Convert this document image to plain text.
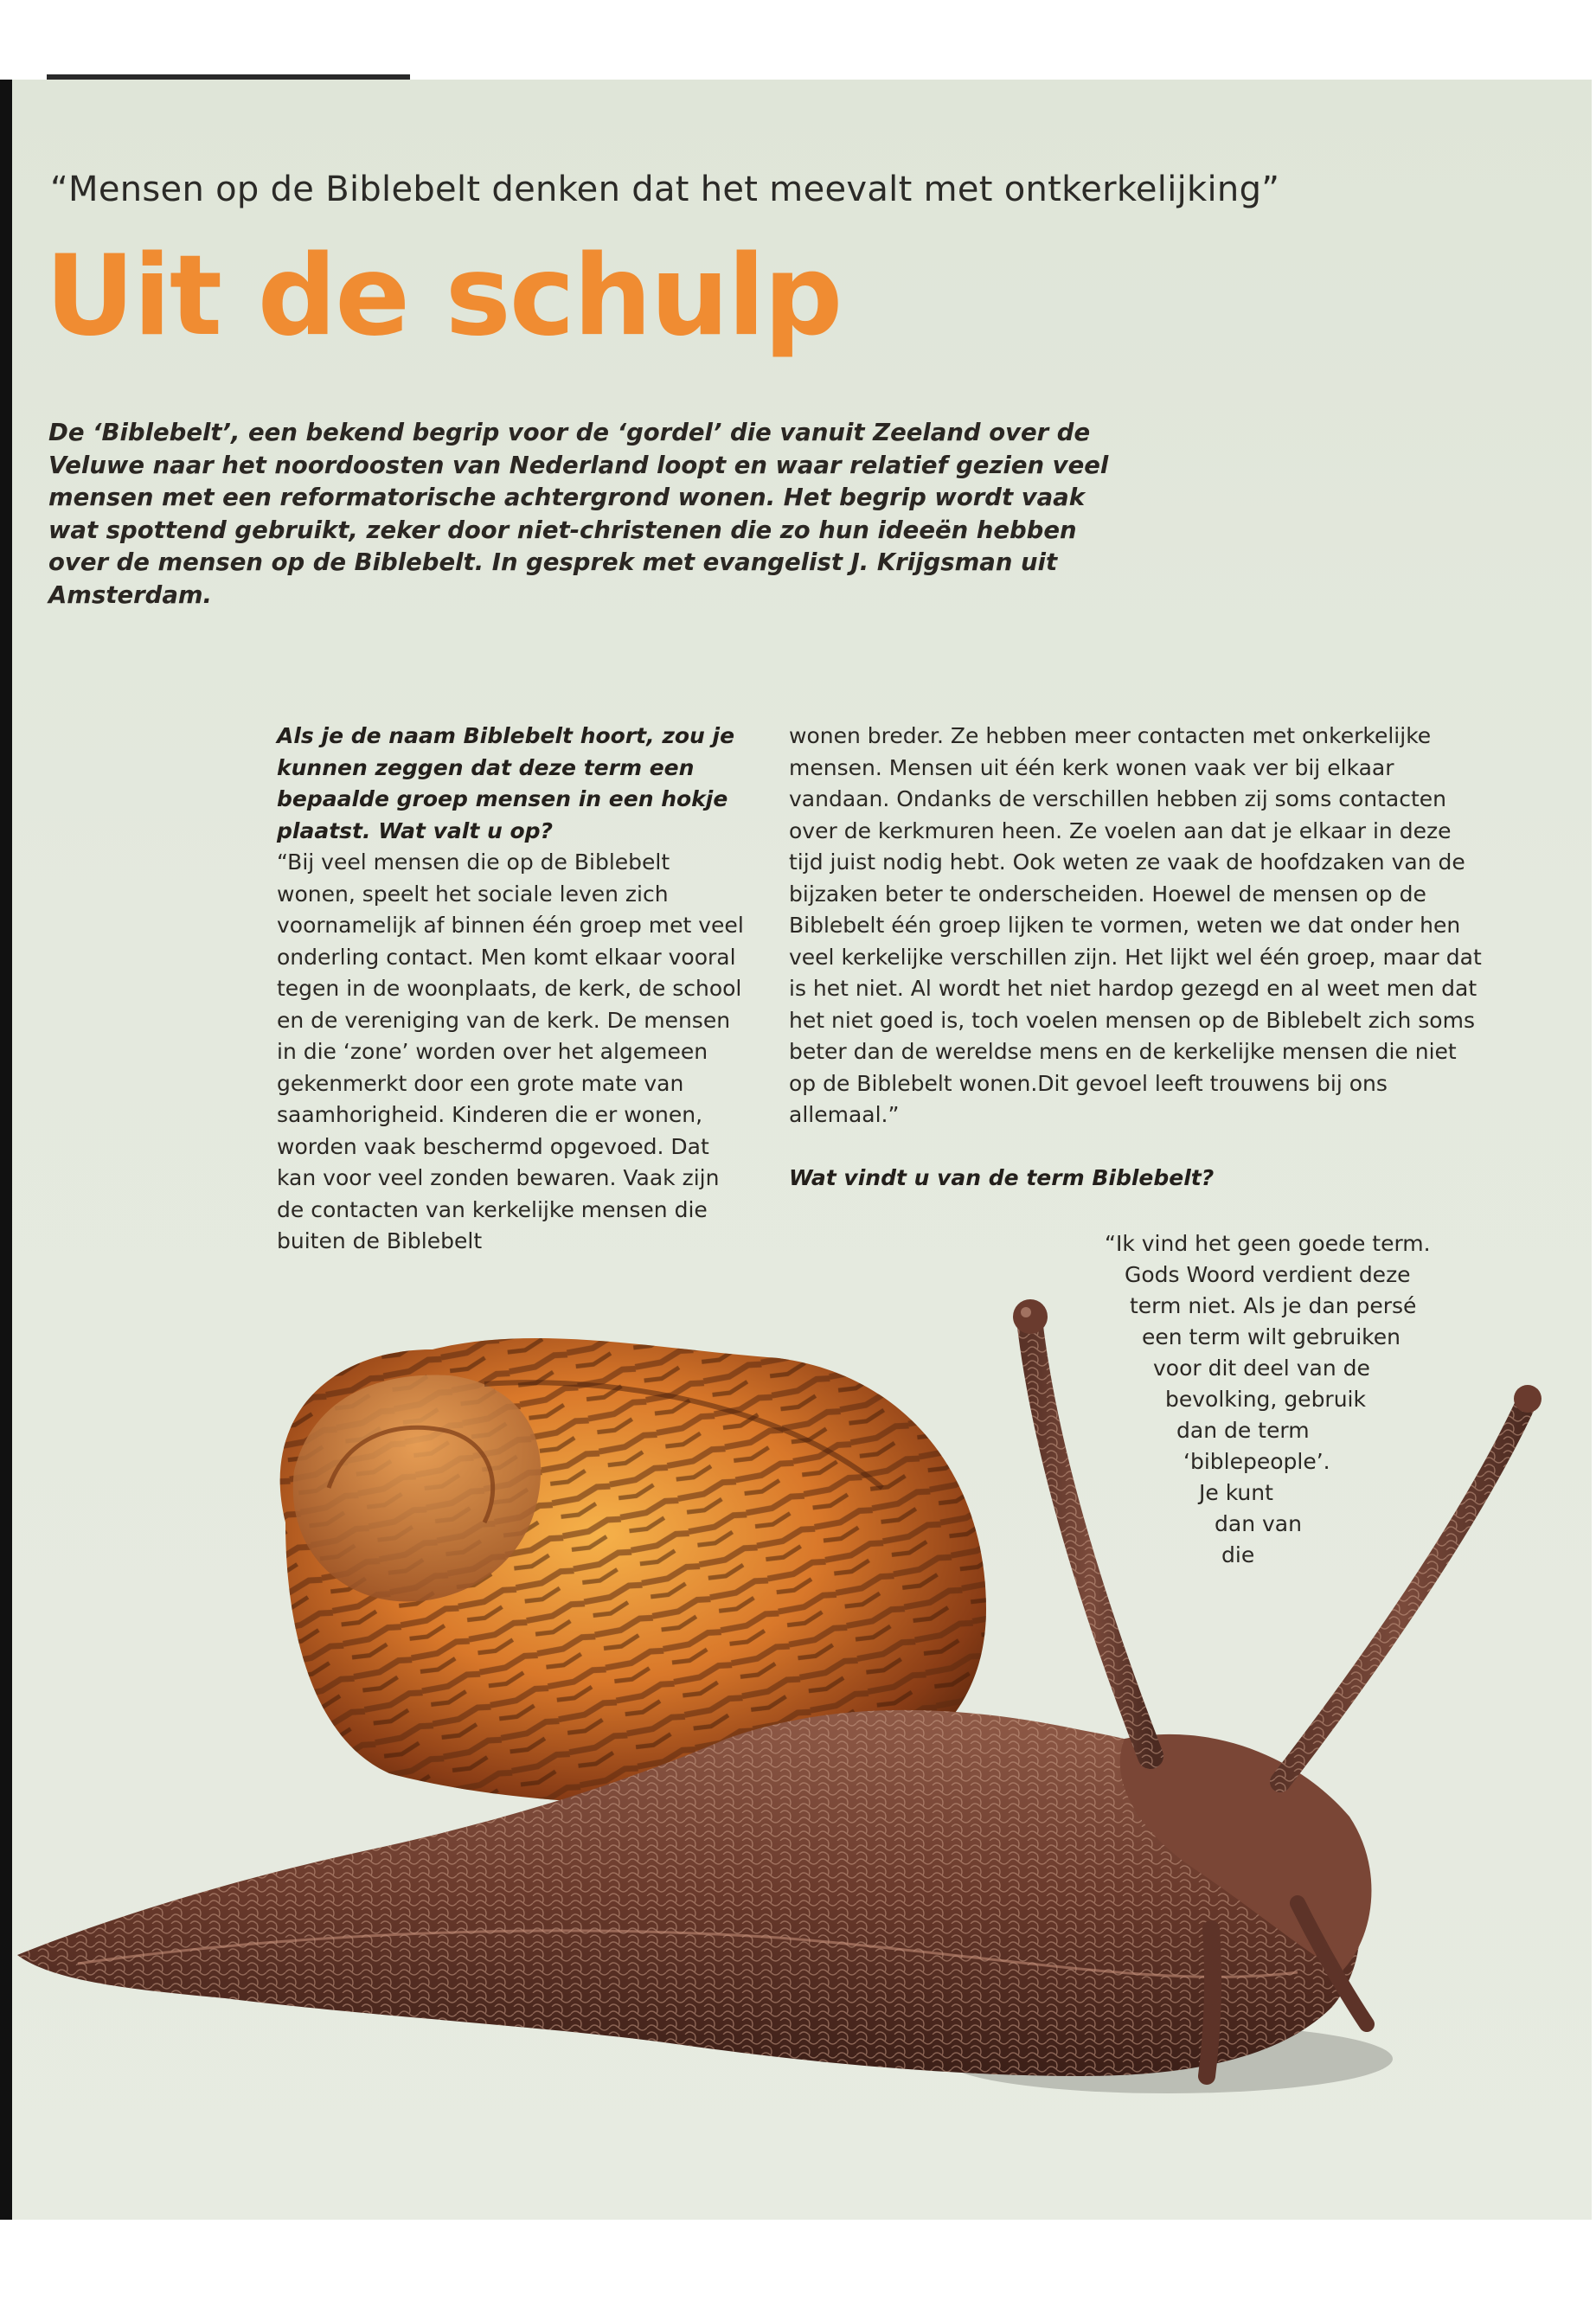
“Mensen op de Biblebelt denken dat het meevalt met ontkerkelijking”
Uit de schulp
De ‘Biblebelt’, een bekend begrip voor de ‘gordel’ die vanuit Zeeland over de Veluwe naar het noordoosten van Nederland loopt en waar relatief gezien veel mensen met een reformatorische achtergrond wonen. Het begrip wordt vaak wat spottend gebruikt, zeker door niet-christenen die zo hun ideeën hebben over de mensen op de Biblebelt. In gesprek met evangelist J. Krijgsman uit Amsterdam.

Als je de naam Biblebelt hoort, zou je kunnen zeggen dat deze term een bepaalde groep mensen in een hokje plaatst. Wat valt u op?

“Bij veel mensen die op de Biblebelt wonen, speelt het sociale leven zich voornamelijk af binnen één groep met veel onderling contact. Men komt elkaar vooral tegen in de woonplaats, de kerk, de school en de vereniging van de kerk. De mensen in die ‘zone’ worden over het algemeen gekenmerkt door een grote mate van saamhorigheid. Kinderen die er wonen, worden vaak beschermd opgevoed. Dat kan voor veel zonden bewaren. Vaak zijn de contacten van kerkelijke mensen die buiten de Biblebelt

wonen breder. Ze hebben meer contacten met onkerkelijke mensen. Mensen uit één kerk wonen vaak ver bij elkaar vandaan. Ondanks de verschillen hebben zij soms contacten over de kerkmuren heen. Ze voelen aan dat je elkaar in deze tijd juist nodig hebt. Ook weten ze vaak de hoofdzaken van de bijzaken beter te onderscheiden. Hoewel de mensen op de Biblebelt één groep lijken te vormen, weten we dat onder hen veel kerkelijke verschillen zijn. Het lijkt wel één groep, maar dat is het niet. Al wordt het niet hardop gezegd en al weet men dat het niet goed is, toch voelen mensen op de Biblebelt zich soms beter dan de wereldse mens en de kerkelijke mensen die niet op de Biblebelt wonen.Dit gevoel leeft trouwens bij ons allemaal.”

Wat vindt u van de term Biblebelt?

“Ik vind het geen goede term.
Gods Woord verdient deze
term niet. Als je dan persé
een term wilt gebruiken
voor dit deel van de
bevolking, gebruik
dan de term
‘biblepeople’.
Je kunt
dan van
die
